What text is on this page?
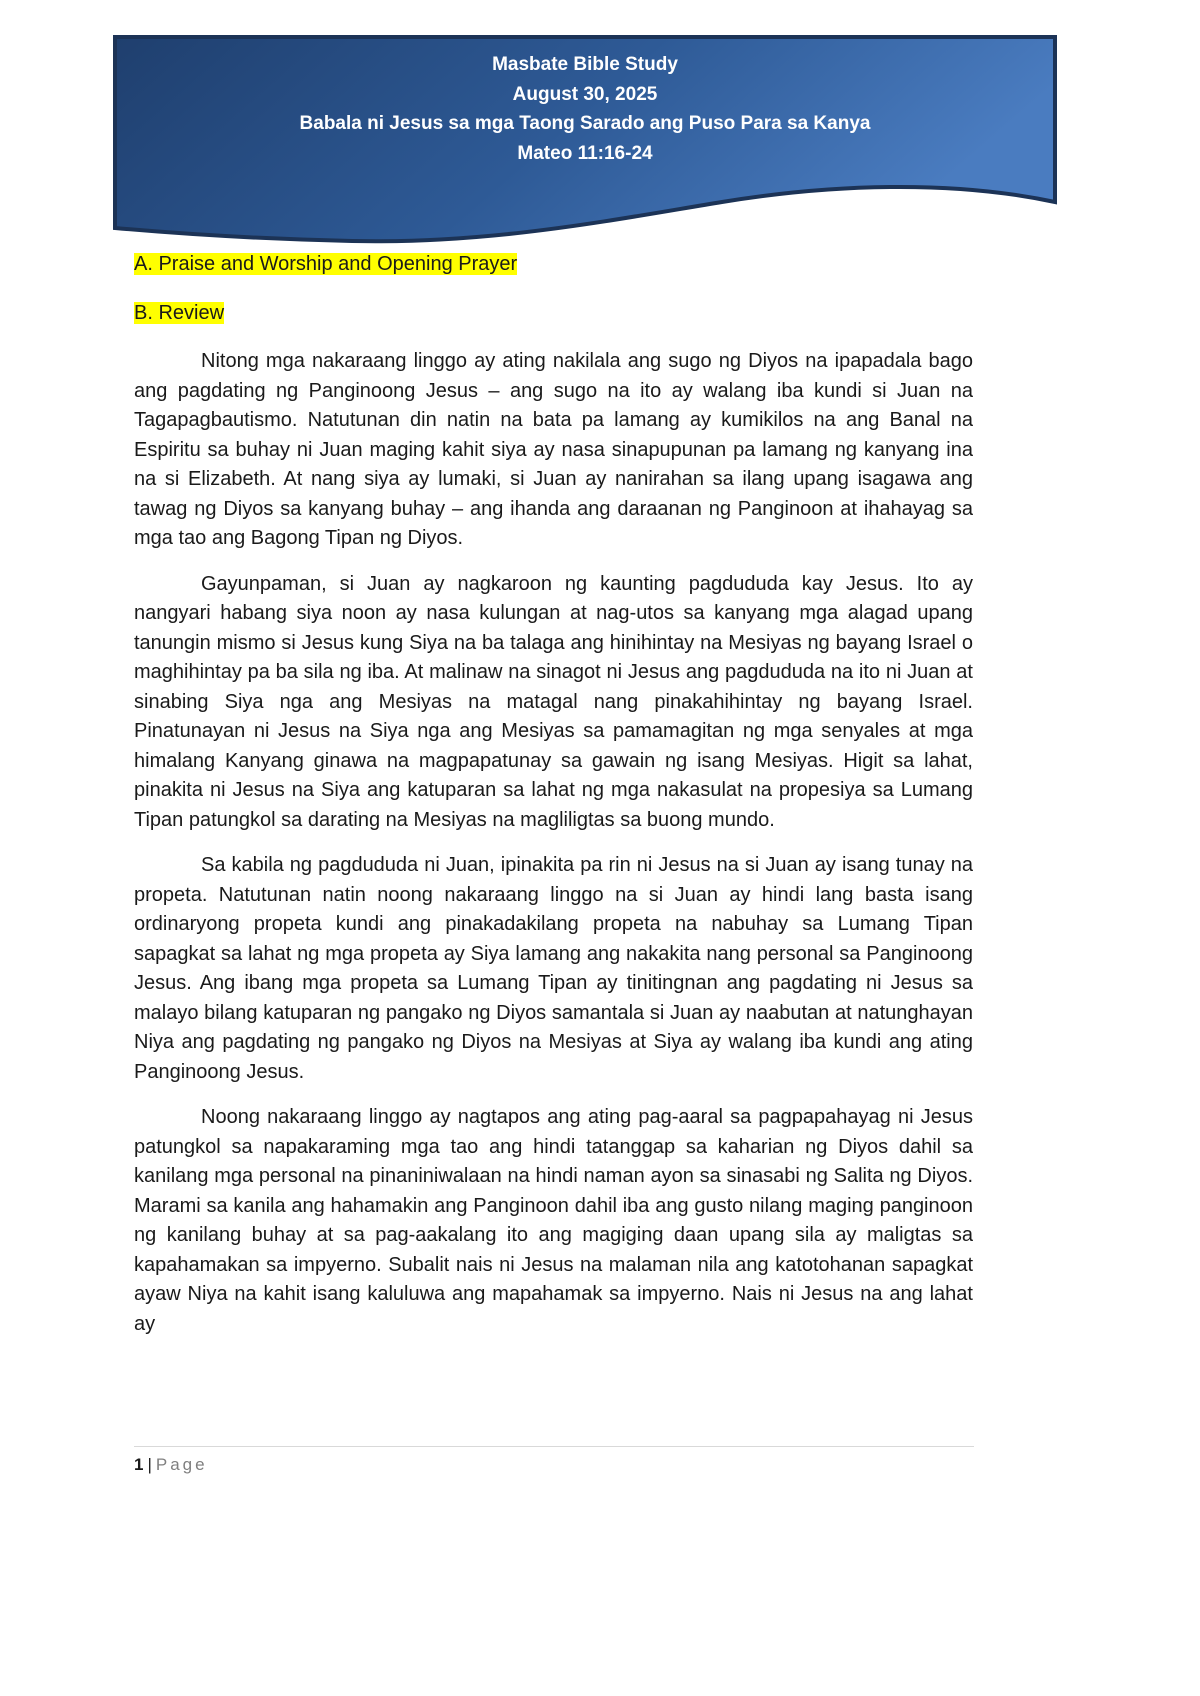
Masbate Bible Study
August 30, 2025
Babala ni Jesus sa mga Taong Sarado ang Puso Para sa Kanya
Mateo 11:16-24
A. Praise and Worship and Opening Prayer
B. Review

Nitong mga nakaraang linggo ay ating nakilala ang sugo ng Diyos na ipapadala bago ang pagdating ng Panginoong Jesus – ang sugo na ito ay walang iba kundi si Juan na Tagapagbautismo. Natutunan din natin na bata pa lamang ay kumikilos na ang Banal na Espiritu sa buhay ni Juan maging kahit siya ay nasa sinapupunan pa lamang ng kanyang ina na si Elizabeth. At nang siya ay lumaki, si Juan ay nanirahan sa ilang upang isagawa ang tawag ng Diyos sa kanyang buhay – ang ihanda ang daraanan ng Panginoon at ihahayag sa mga tao ang Bagong Tipan ng Diyos.

Gayunpaman, si Juan ay nagkaroon ng kaunting pagdududa kay Jesus. Ito ay nangyari habang siya noon ay nasa kulungan at nag-utos sa kanyang mga alagad upang tanungin mismo si Jesus kung Siya na ba talaga ang hinihintay na Mesiyas ng bayang Israel o maghihintay pa ba sila ng iba. At malinaw na sinagot ni Jesus ang pagdududa na ito ni Juan at sinabing Siya nga ang Mesiyas na matagal nang pinakahihintay ng bayang Israel. Pinatunayan ni Jesus na Siya nga ang Mesiyas sa pamamagitan ng mga senyales at mga himalang Kanyang ginawa na magpapatunay sa gawain ng isang Mesiyas. Higit sa lahat, pinakita ni Jesus na Siya ang katuparan sa lahat ng mga nakasulat na propesiya sa Lumang Tipan patungkol sa darating na Mesiyas na magliligtas sa buong mundo.

Sa kabila ng pagdududa ni Juan, ipinakita pa rin ni Jesus na si Juan ay isang tunay na propeta. Natutunan natin noong nakaraang linggo na si Juan ay hindi lang basta isang ordinaryong propeta kundi ang pinakadakilang propeta na nabuhay sa Lumang Tipan sapagkat sa lahat ng mga propeta ay Siya lamang ang nakakita nang personal sa Panginoong Jesus. Ang ibang mga propeta sa Lumang Tipan ay tinitingnan ang pagdating ni Jesus sa malayo bilang katuparan ng pangako ng Diyos samantala si Juan ay naabutan at natunghayan Niya ang pagdating ng pangako ng Diyos na Mesiyas at Siya ay walang iba kundi ang ating Panginoong Jesus.

Noong nakaraang linggo ay nagtapos ang ating pag-aaral sa pagpapahayag ni Jesus patungkol sa napakaraming mga tao ang hindi tatanggap sa kaharian ng Diyos dahil sa kanilang mga personal na pinaniniwalaan na hindi naman ayon sa sinasabi ng Salita ng Diyos. Marami sa kanila ang hahamakin ang Panginoon dahil iba ang gusto nilang maging panginoon ng kanilang buhay at sa pag-aakalang ito ang magiging daan upang sila ay maligtas sa kapahamakan sa impyerno. Subalit nais ni Jesus na malaman nila ang katotohanan sapagkat ayaw Niya na kahit isang kaluluwa ang mapahamak sa impyerno. Nais ni Jesus na ang lahat ay

1 | Page
